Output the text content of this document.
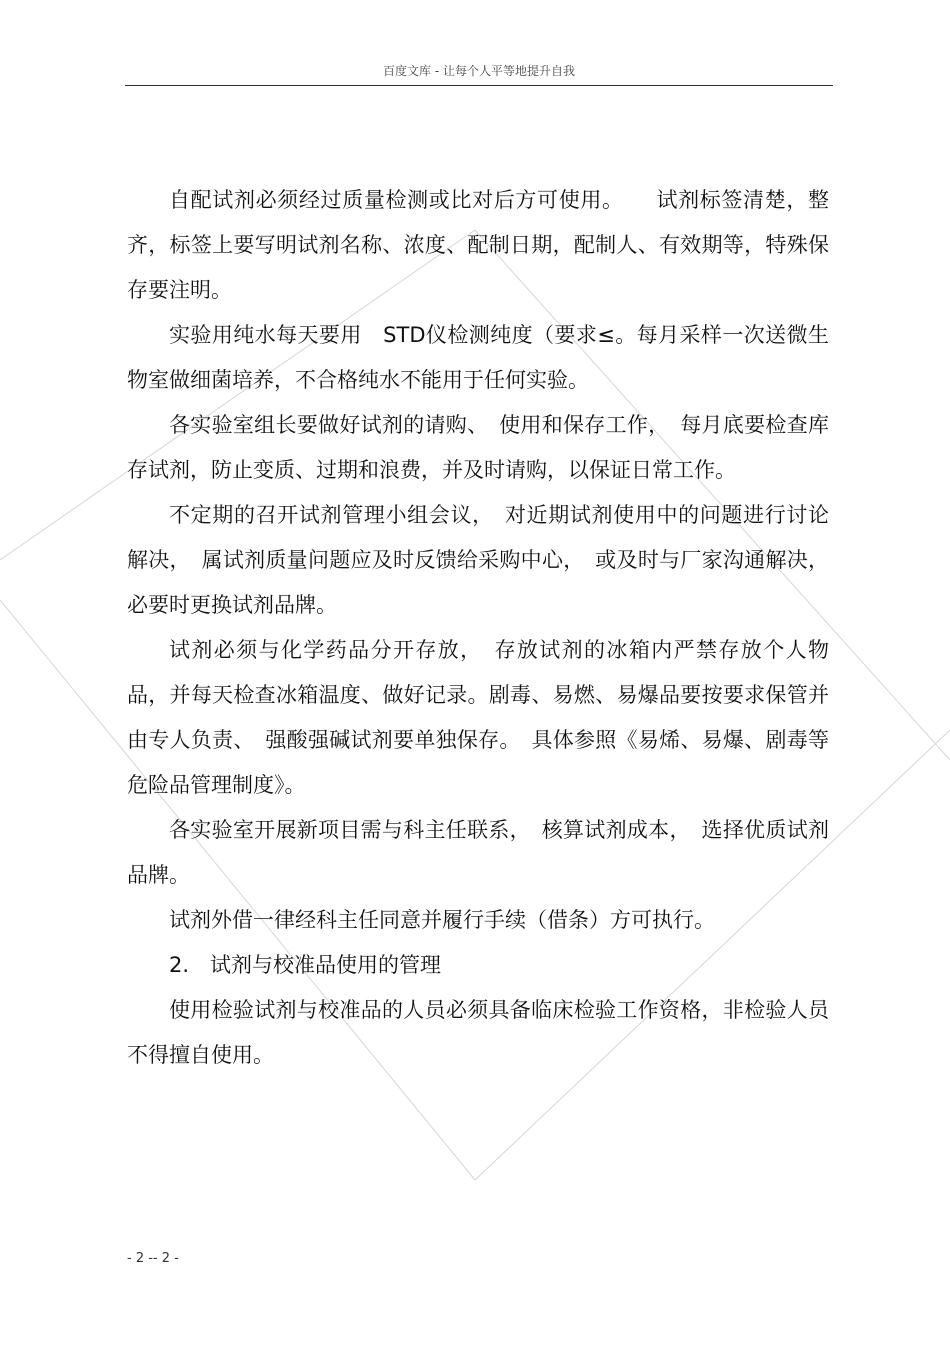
百度文库 - 让每个人平等地提升自我

自配试剂必须经过质量检测或比对后方可使用。　　试剂标签清楚，整齐，标签上要写明试剂名称、浓度、配制日期，配制人、有效期等，特殊保存要注明。

实验用纯水每天要用　STD仪检测纯度（要求≤。每月采样一次送微生物室做细菌培养，不合格纯水不能用于任何实验。

各实验室组长要做好试剂的请购、　使用和保存工作，　每月底要检查库存试剂，防止变质、过期和浪费，并及时请购，以保证日常工作。

不定期的召开试剂管理小组会议，　对近期试剂使用中的问题进行讨论解决，　属试剂质量问题应及时反馈给采购中心，　或及时与厂家沟通解决，必要时更换试剂品牌。

试剂必须与化学药品分开存放，　存放试剂的冰箱内严禁存放个人物品，并每天检查冰箱温度、做好记录。剧毒、易燃、易爆品要按要求保管并由专人负责、　强酸强碱试剂要单独保存。　具体参照《易烯、易爆、剧毒等危险品管理制度》。

各实验室开展新项目需与科主任联系，　核算试剂成本，　选择优质试剂品牌。

试剂外借一律经科主任同意并履行手续（借条）方可执行。

2.　试剂与校准品使用的管理

使用检验试剂与校准品的人员必须具备临床检验工作资格，非检验人员不得擅自使用。

- 2 -- 2 -
